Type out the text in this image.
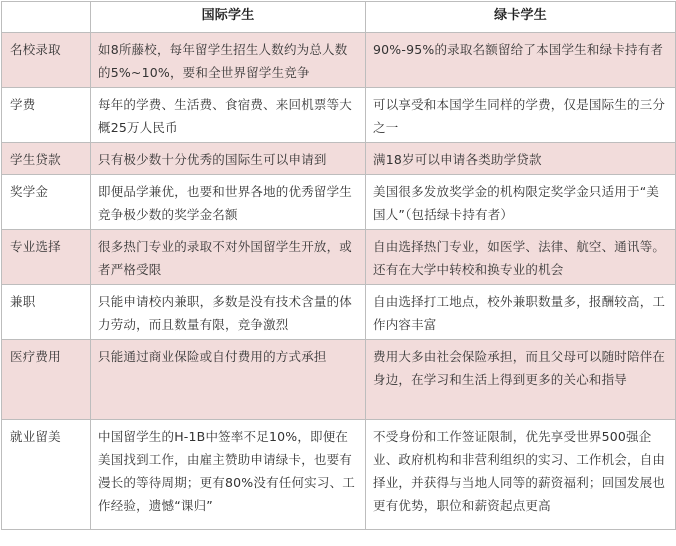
	国际学生	绿卡学生
名校录取	如8所藤校，每年留学生招生人数约为总人数的5%~10%，要和全世界留学生竞争	90%-95%的录取名额留给了本国学生和绿卡持有者
学费	每年的学费、生活费、食宿费、来回机票等大概25万人民币	可以享受和本国学生同样的学费，仅是国际生的三分之一
学生贷款	只有极少数十分优秀的国际生可以申请到	满18岁可以申请各类助学贷款
奖学金	即便品学兼优，也要和世界各地的优秀留学生竞争极少数的奖学金名额	美国很多发放奖学金的机构限定奖学金只适用于“美国人”（包括绿卡持有者）
专业选择	很多热门专业的录取不对外国留学生开放，或者严格受限	自由选择热门专业，如医学、法律、航空、通讯等。还有在大学中转校和换专业的机会
兼职	只能申请校内兼职，多数是没有技术含量的体力劳动，而且数量有限，竞争激烈	自由选择打工地点，校外兼职数量多，报酬较高，工作内容丰富
医疗费用	只能通过商业保险或自付费用的方式承担	费用大多由社会保险承担，而且父母可以随时陪伴在身边，在学习和生活上得到更多的关心和指导
就业留美	中国留学生的H-1B中签率不足10%，即便在美国找到工作，由雇主赞助申请绿卡，也要有漫长的等待周期；更有80%没有任何实习、工作经验，遗憾“课归”	不受身份和工作签证限制，优先享受世界500强企业、政府机构和非营利组织的实习、工作机会，自由择业，并获得与当地人同等的薪资福利；回国发展也更有优势，职位和薪资起点更高
